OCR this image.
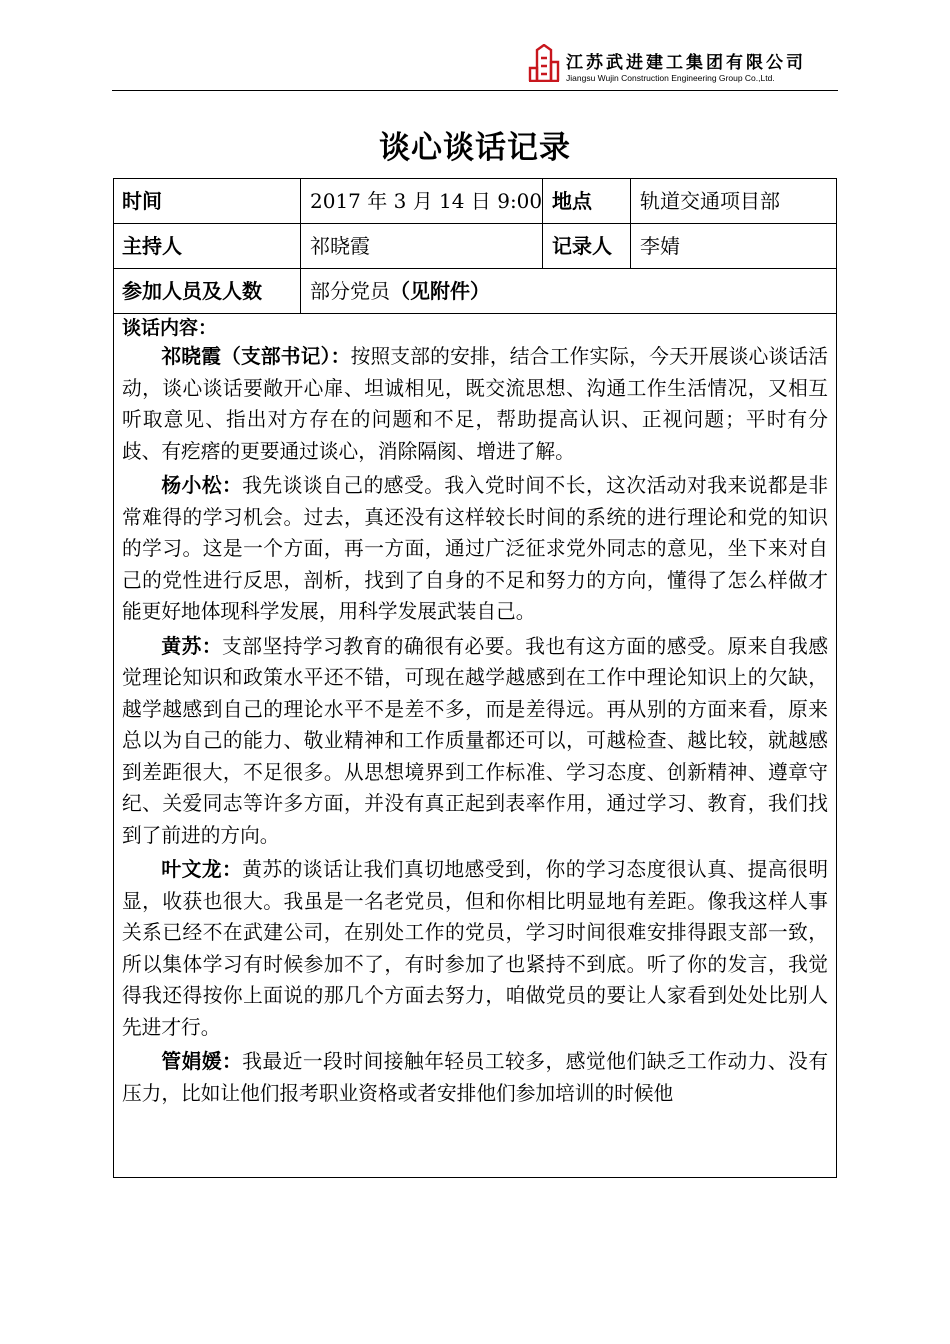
江苏武进建工集团有限公司
Jiangsu Wujin Construction Engineering Group Co.,Ltd.
谈心谈话记录
时间	2017 年 3 月 14 日 9:00 地点 轨道交通项目部
主持人	祁晓霞	记录人 李婧
参加人员及人数 部分党员（见附件）
谈话内容：

祁晓霞（支部书记）：按照支部的安排，结合工作实际，今天开展谈心谈话活动，谈心谈话要敞开心扉、坦诚相见，既交流思想、沟通工作生活情况，又相互听取意见、指出对方存在的问题和不足，帮助提高认识、正视问题；平时有分歧、有疙瘩的更要通过谈心，消除隔阂、增进了解。

杨小松：我先谈谈自己的感受。我入党时间不长，这次活动对我来说都是非常难得的学习机会。过去，真还没有这样较长时间的系统的进行理论和党的知识的学习。这是一个方面，再一方面，通过广泛征求党外同志的意见，坐下来对自己的党性进行反思，剖析，找到了自身的不足和努力的方向，懂得了怎么样做才能更好地体现科学发展，用科学发展武装自己。

黄苏：支部坚持学习教育的确很有必要。我也有这方面的感受。原来自我感觉理论知识和政策水平还不错，可现在越学越感到在工作中理论知识上的欠缺，越学越感到自己的理论水平不是差不多，而是差得远。再从别的方面来看，原来总以为自己的能力、敬业精神和工作质量都还可以，可越检查、越比较，就越感到差距很大，不足很多。从思想境界到工作标准、学习态度、创新精神、遵章守纪、关爱同志等许多方面，并没有真正起到表率作用，通过学习、教育，我们找到了前进的方向。

叶文龙：黄苏的谈话让我们真切地感受到，你的学习态度很认真、提高很明显，收获也很大。我虽是一名老党员，但和你相比明显地有差距。像我这样人事关系已经不在武建公司，在别处工作的党员，学习时间很难安排得跟支部一致，所以集体学习有时候参加不了，有时参加了也紧持不到底。听了你的发言，我觉得我还得按你上面说的那几个方面去努力，咱做党员的要让人家看到处处比别人先进才行。

管娟媛：我最近一段时间接触年轻员工较多，感觉他们缺乏工作动力、没有压力，比如让他们报考职业资格或者安排他们参加培训的时候他
